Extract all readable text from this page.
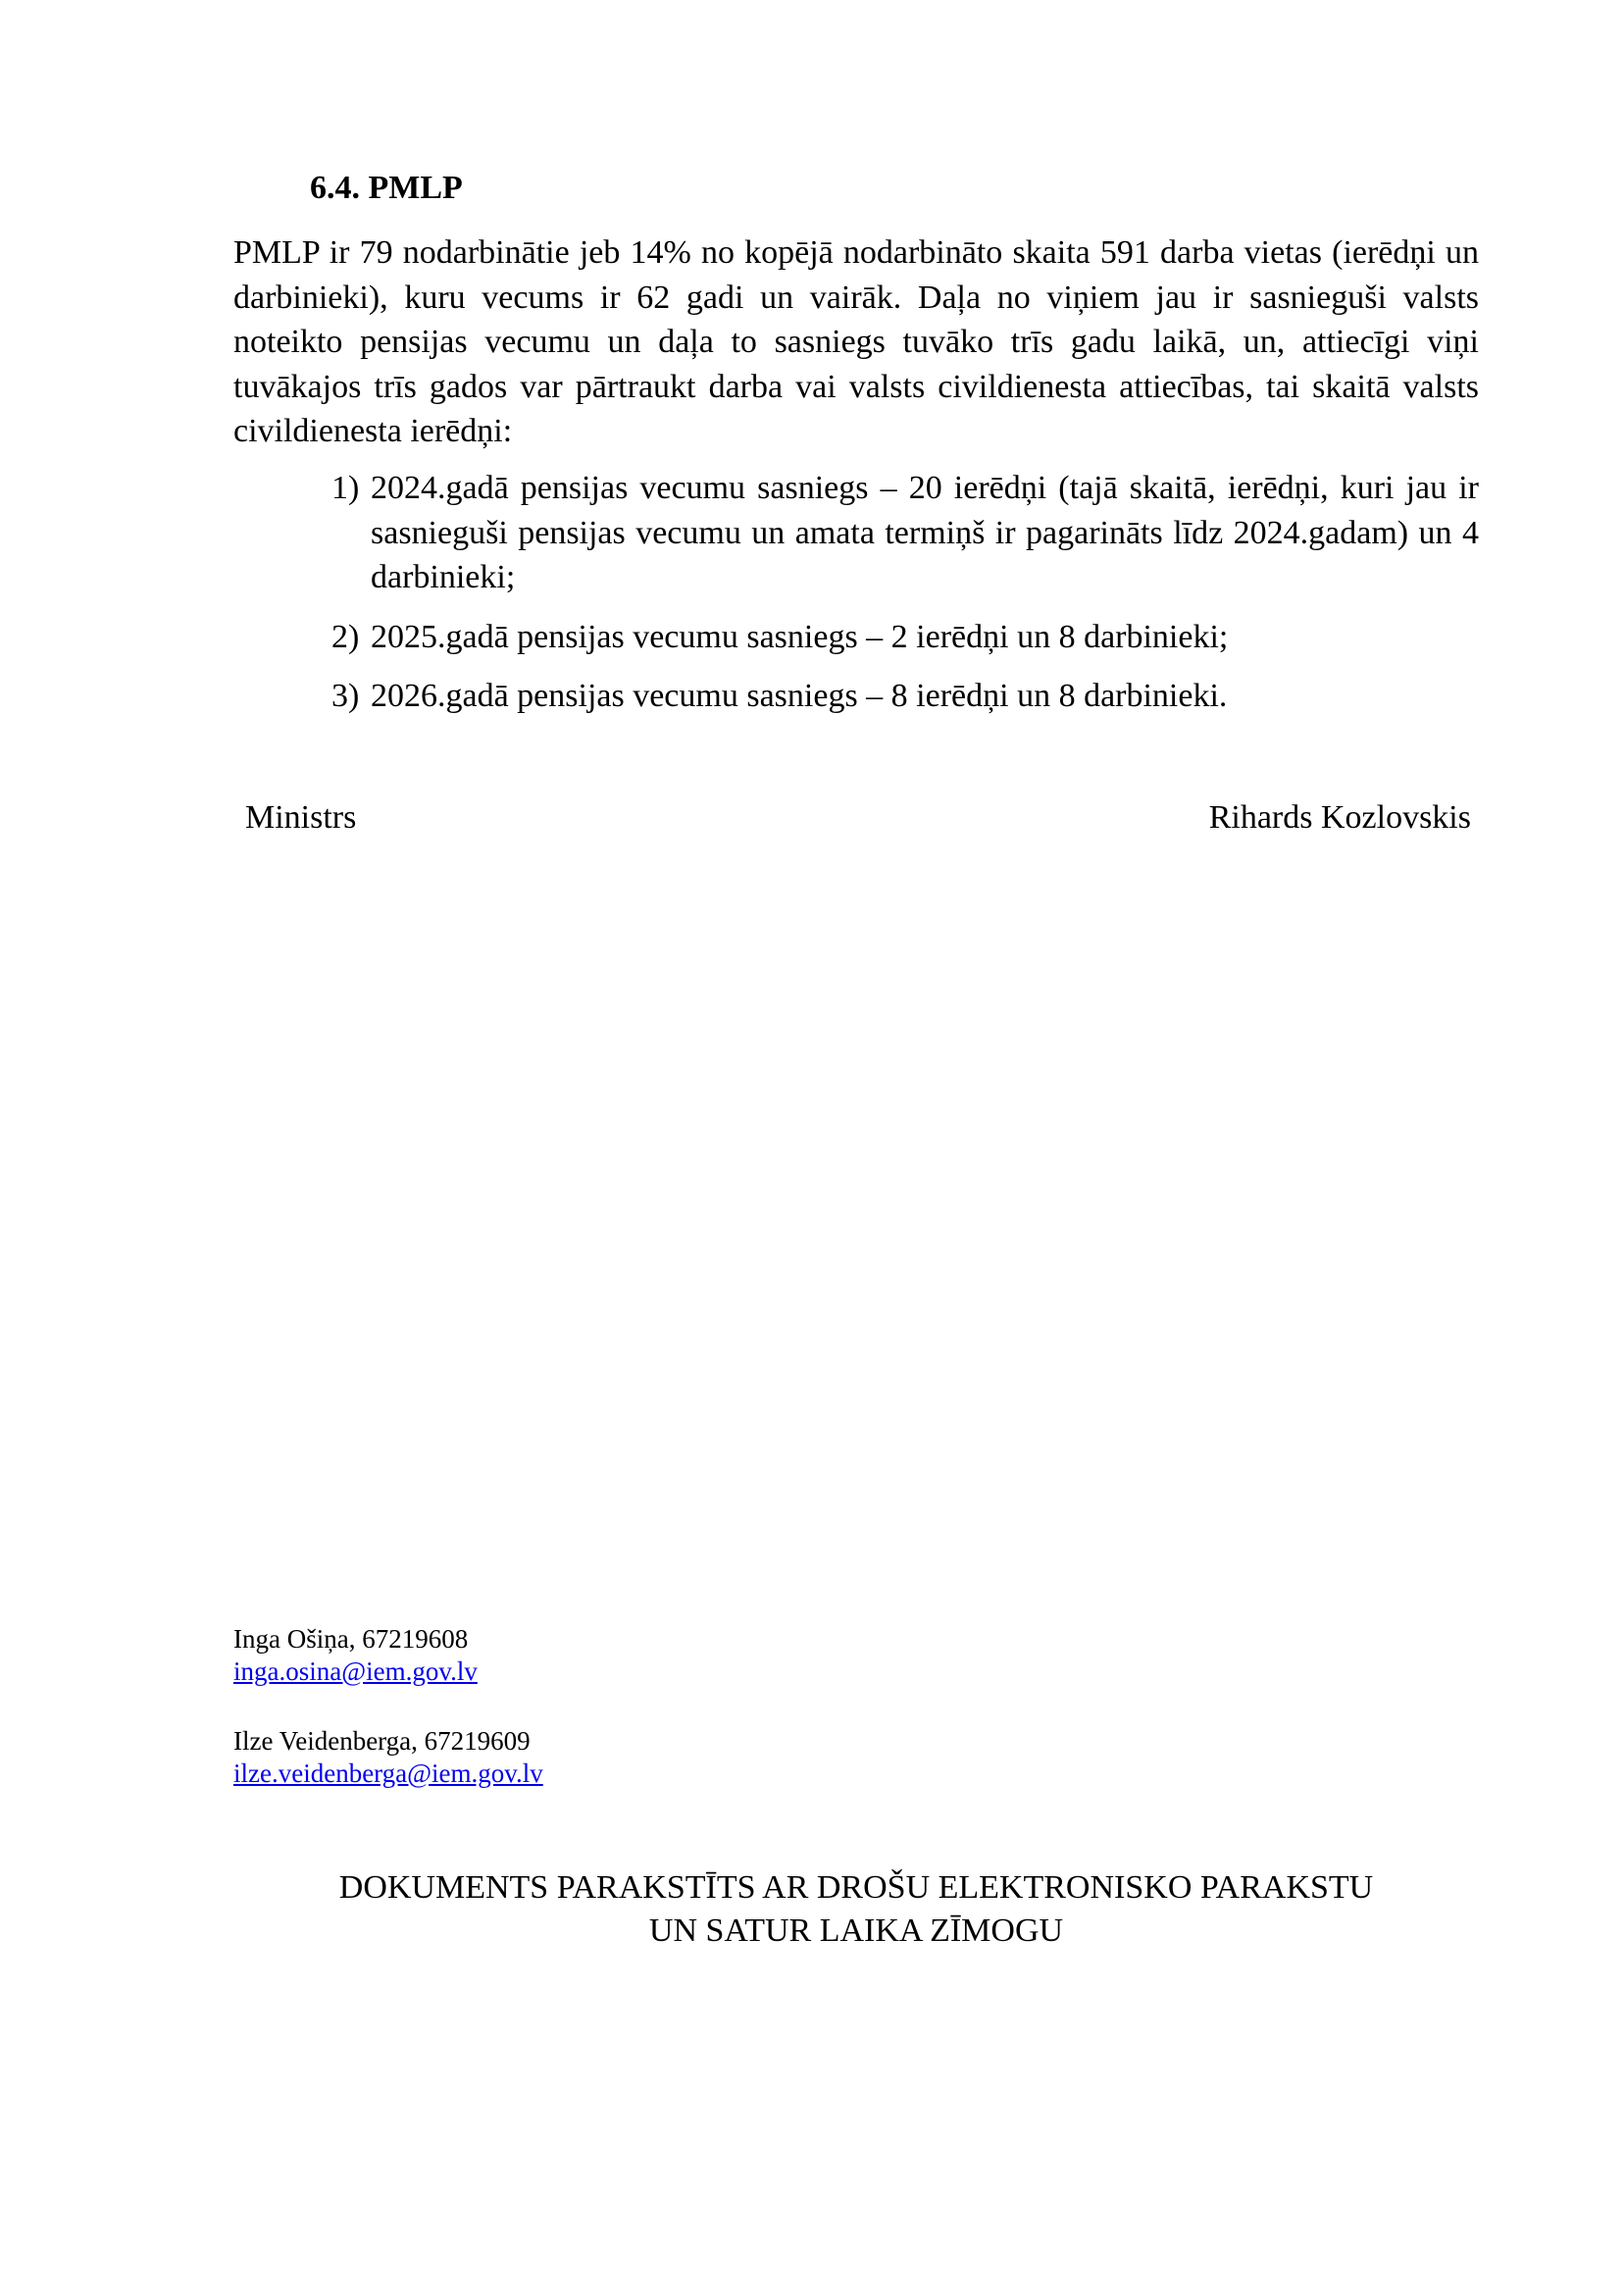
6.4. PMLP
PMLP ir 79 nodarbinātie jeb 14% no kopējā nodarbināto skaita 591 darba vietas (ierēdņi un darbinieki), kuru vecums ir 62 gadi un vairāk. Daļa no viņiem jau ir sasnieguši valsts noteikto pensijas vecumu un daļa to sasniegs tuvāko trīs gadu laikā, un, attiecīgi viņi tuvākajos trīs gados var pārtraukt darba vai valsts civildienesta attiecības, tai skaitā valsts civildienesta ierēdņi:
1) 2024.gadā pensijas vecumu sasniegs – 20 ierēdņi (tajā skaitā, ierēdņi, kuri jau ir sasnieguši pensijas vecumu un amata termiņš ir pagarināts līdz 2024.gadam) un 4 darbinieki;
2) 2025.gadā pensijas vecumu sasniegs – 2 ierēdņi un 8 darbinieki;
3) 2026.gadā pensijas vecumu sasniegs – 8 ierēdņi un 8 darbinieki.
Ministrs	Rihards Kozlovskis
Inga Ošiņa, 67219608
inga.osina@iem.gov.lv
Ilze Veidenberga, 67219609
ilze.veidenberga@iem.gov.lv
DOKUMENTS PARAKSTĪTS AR DROŠU ELEKTRONISKO PARAKSTU
UN SATUR LAIKA ZĪMOGU
